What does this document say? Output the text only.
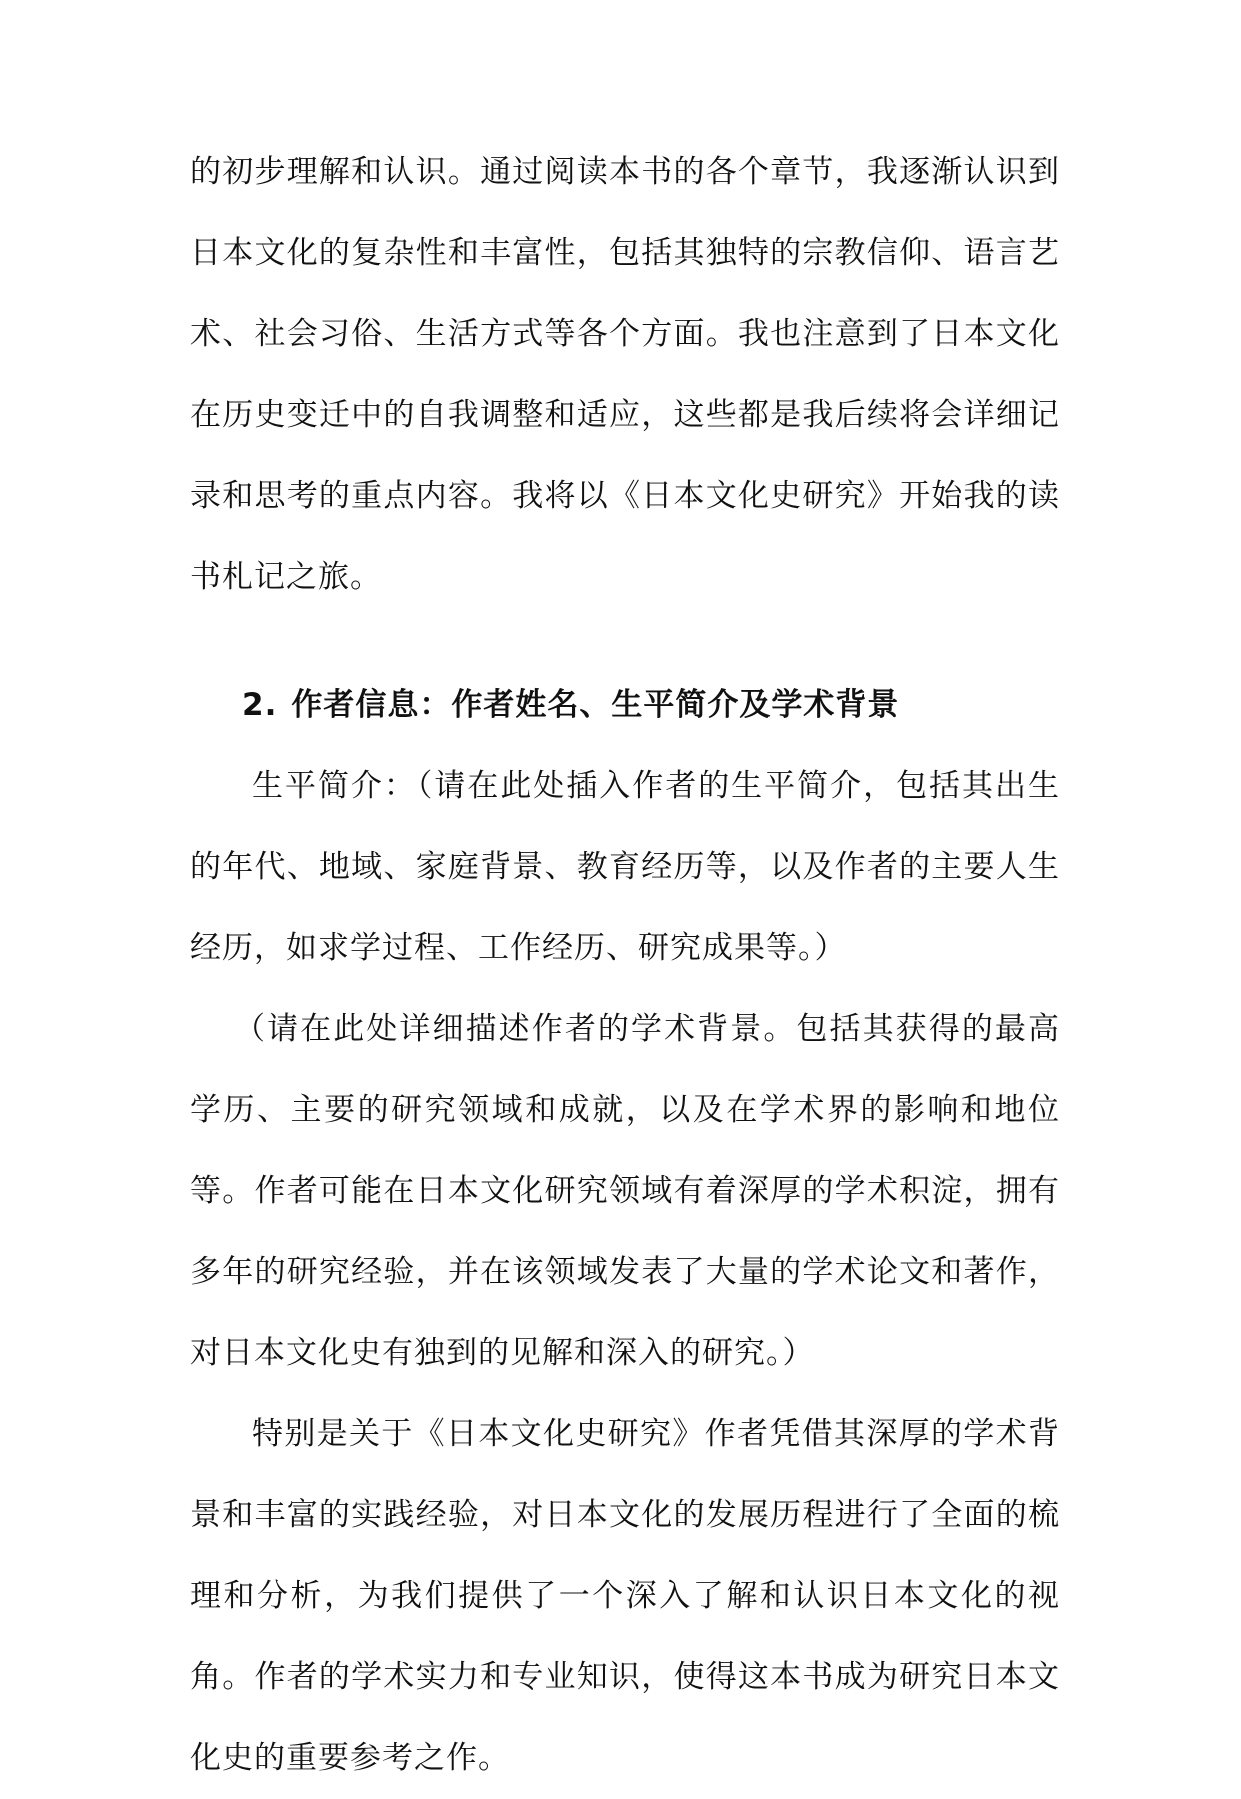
的初步理解和认识。通过阅读本书的各个章节，我逐渐认识到日本文化的复杂性和丰富性，包括其独特的宗教信仰、语言艺术、社会习俗、生活方式等各个方面。我也注意到了日本文化在历史变迁中的自我调整和适应，这些都是我后续将会详细记录和思考的重点内容。我将以《日本文化史研究》开始我的读书札记之旅。

2. 作者信息：作者姓名、生平简介及学术背景

生平简介：（请在此处插入作者的生平简介，包括其出生的年代、地域、家庭背景、教育经历等，以及作者的主要人生经历，如求学过程、工作经历、研究成果等。）

（请在此处详细描述作者的学术背景。包括其获得的最高学历、主要的研究领域和成就，以及在学术界的影响和地位等。作者可能在日本文化研究领域有着深厚的学术积淀，拥有多年的研究经验，并在该领域发表了大量的学术论文和著作，对日本文化史有独到的见解和深入的研究。）

特别是关于《日本文化史研究》作者凭借其深厚的学术背景和丰富的实践经验，对日本文化的发展历程进行了全面的梳理和分析，为我们提供了一个深入了解和认识日本文化的视角。作者的学术实力和专业知识，使得这本书成为研究日本文化史的重要参考之作。
